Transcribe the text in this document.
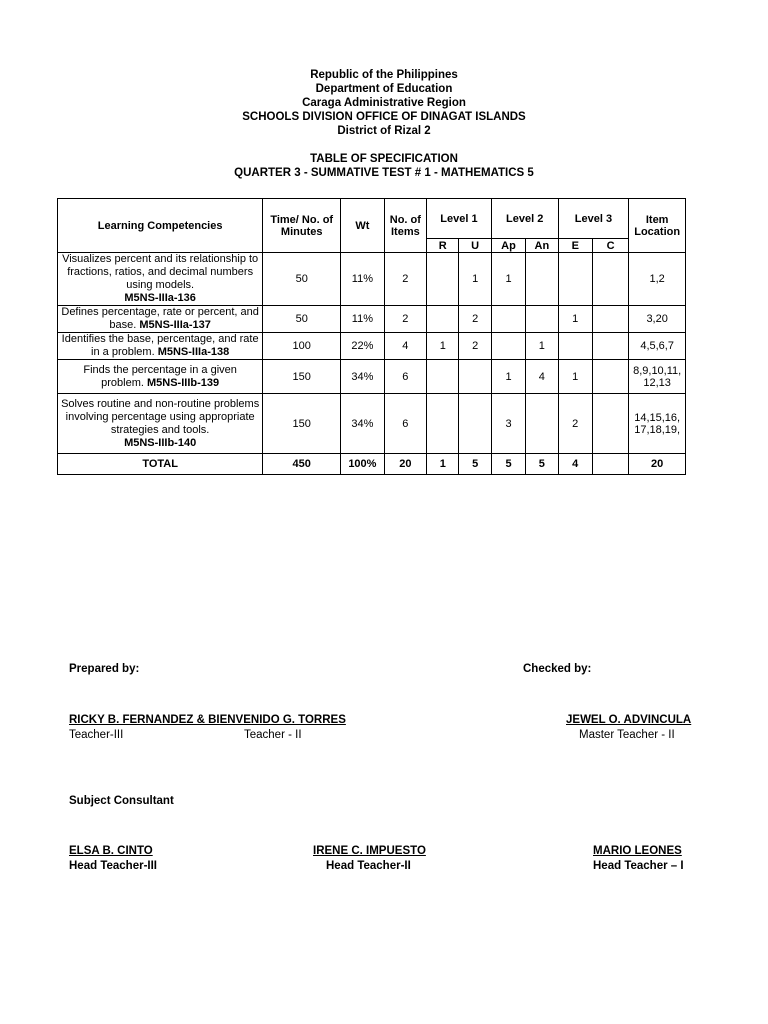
Republic of the Philippines
Department of Education
Caraga Administrative Region
SCHOOLS DIVISION OFFICE OF DINAGAT ISLANDS
District of Rizal 2
TABLE OF SPECIFICATION
QUARTER 3 - SUMMATIVE TEST # 1 - MATHEMATICS 5
Learning Competencies	Time/ No. of Minutes	Wt	No. of Items	Level 1		Level 2		Level 3		Item Location
				R	U	Ap	An	E	C	
Visualizes percent and its relationship to fractions, ratios, and decimal numbers using models.
M5NS-IIIa-136	50	11%	2		1	1				1,2
Defines percentage, rate or percent, and base. M5NS-IIIa-137	50	11%	2		2			1		3,20
Identifies the base, percentage, and rate in a problem. M5NS-IIIa-138	100	22%	4	1	2		1			4,5,6,7
Finds the percentage in a given problem. M5NS-IIIb-139	150	34%	6			1	4	1		8,9,10,11,12,13
Solves routine and non-routine problems involving percentage using appropriate strategies and tools.
M5NS-IIIb-140	150	34%	6			3		2		14,15,16,17,18,19,
TOTAL	450	100%	20	1	5	5	5	4		20
Prepared by:	Checked by:
RICKY B. FERNANDEZ & BIENVENIDO G. TORRES
Teacher-III	Teacher - II
JEWEL O. ADVINCULA
Master Teacher - II
Subject Consultant
ELSA B. CINTO
Head Teacher-III
IRENE C. IMPUESTO
Head Teacher-II
MARIO LEONES
Head Teacher – I
